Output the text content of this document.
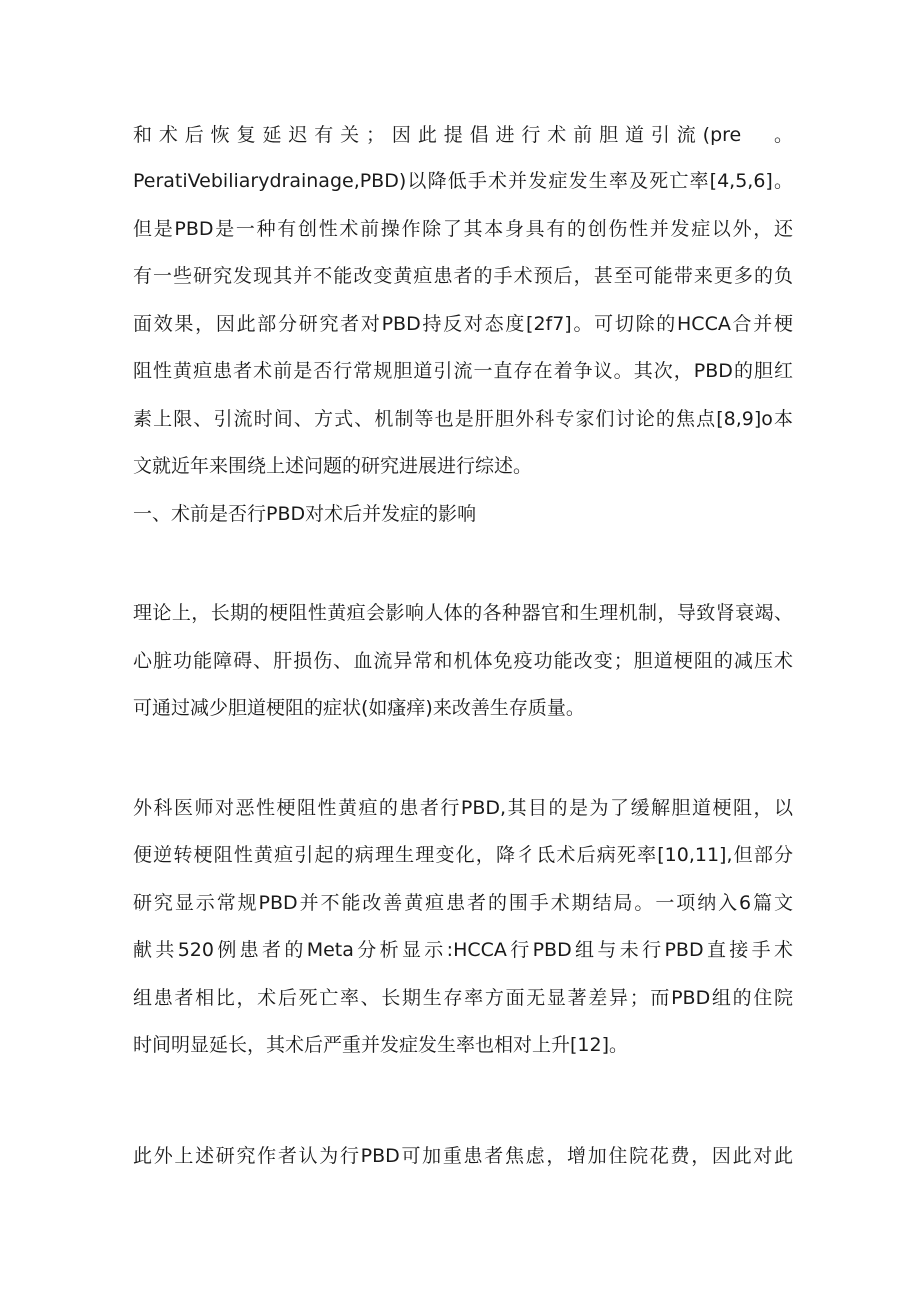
和术后恢复延迟有关；因此提倡进行术前胆道引流(pre　。
PeratiVebiliarydrainage,PBD)以降低手术并发症发生率及死亡率[4,5,6]。
但是PBD是一种有创性术前操作除了其本身具有的创伤性并发症以外，还
有一些研究发现其并不能改变黄疸患者的手术预后，甚至可能带来更多的负
面效果，因此部分研究者对PBD持反对态度[2f7]。可切除的HCCA合并梗
阻性黄疸患者术前是否行常规胆道引流一直存在着争议。其次，PBD的胆红
素上限、引流时间、方式、机制等也是肝胆外科专家们讨论的焦点[8,9]o本
文就近年来围绕上述问题的研究进展进行综述。
一、术前是否行PBD对术后并发症的影响
理论上，长期的梗阻性黄疸会影响人体的各种器官和生理机制，导致肾衰竭、
心脏功能障碍、肝损伤、血流异常和机体免疫功能改变；胆道梗阻的减压术
可通过减少胆道梗阻的症状(如瘙痒)来改善生存质量。
外科医师对恶性梗阻性黄疸的患者行PBD,其目的是为了缓解胆道梗阻，以
便逆转梗阻性黄疸引起的病理生理变化，降彳氐术后病死率[10,11],但部分
研究显示常规PBD并不能改善黄疸患者的围手术期结局。一项纳入6篇文
献共520例患者的Meta分析显示:HCCA行PBD组与未行PBD直接手术
组患者相比，术后死亡率、长期生存率方面无显著差异；而PBD组的住院
时间明显延长，其术后严重并发症发生率也相对上升[12]。
此外上述研究作者认为行PBD可加重患者焦虑，增加住院花费，因此对此
